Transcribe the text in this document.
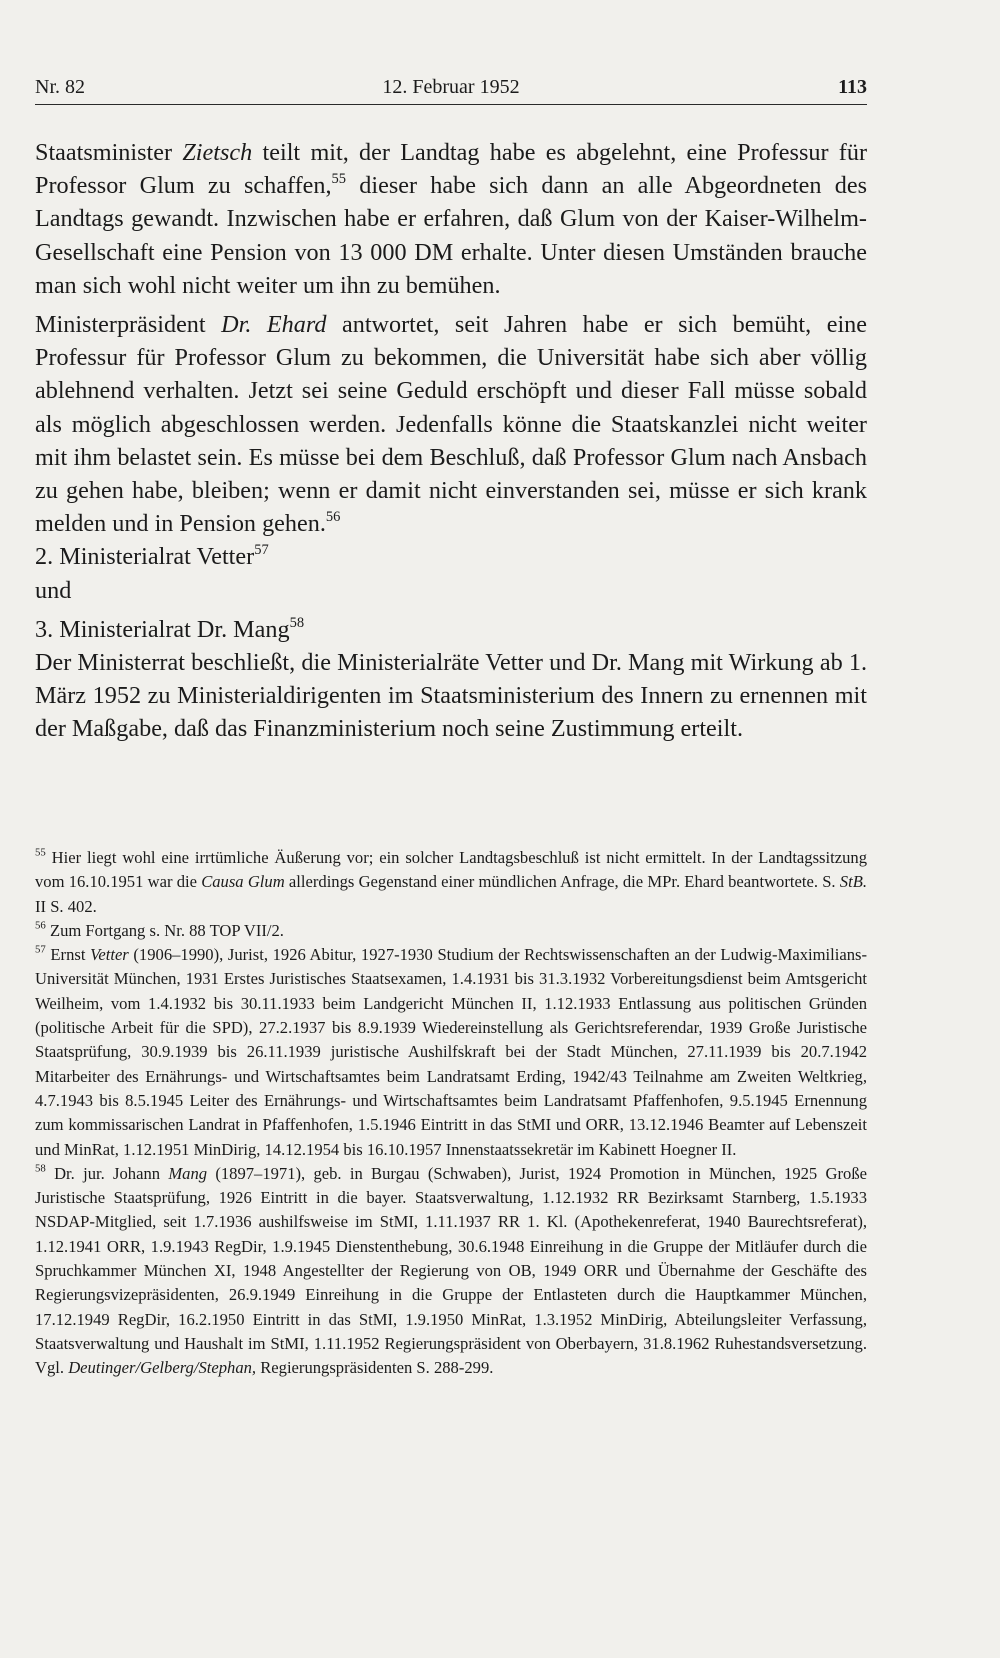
Nr. 82	12. Februar 1952	113

Staatsminister Zietsch teilt mit, der Landtag habe es abgelehnt, eine Professur für Professor Glum zu schaffen,$^{55}$ dieser habe sich dann an alle Abgeordneten des Landtags gewandt. Inzwischen habe er erfahren, daß Glum von der Kaiser-Wilhelm-Gesellschaft eine Pension von 13 000 DM erhalte. Unter diesen Umständen brauche man sich wohl nicht weiter um ihn zu bemühen.

Ministerpräsident Dr. Ehard antwortet, seit Jahren habe er sich bemüht, eine Professur für Professor Glum zu bekommen, die Universität habe sich aber völlig ablehnend verhalten. Jetzt sei seine Geduld erschöpft und dieser Fall müsse sobald als möglich abgeschlossen werden. Jedenfalls könne die Staatskanzlei nicht weiter mit ihm belastet sein. Es müsse bei dem Beschluß, daß Professor Glum nach Ansbach zu gehen habe, bleiben; wenn er damit nicht einverstanden sei, müsse er sich krank melden und in Pension gehen.$^{56}$

2. Ministerialrat Vetter$^{57}$
und
3. Ministerialrat Dr. Mang$^{58}$

Der Ministerrat beschließt, die Ministerialräte Vetter und Dr. Mang mit Wirkung ab 1. März 1952 zu Ministerialdirigenten im Staatsministerium des Innern zu ernennen mit der Maßgabe, daß das Finanzministerium noch seine Zustimmung erteilt.

$^{55}$ Hier liegt wohl eine irrtümliche Äußerung vor; ein solcher Landtagsbeschluß ist nicht ermittelt. In der Landtagssitzung vom 16.10.1951 war die Causa Glum allerdings Gegenstand einer mündlichen Anfrage, die MPr. Ehard beantwortete. S. StB. II S. 402.

$^{56}$ Zum Fortgang s. Nr. 88 TOP VII/2.

$^{57}$ Ernst Vetter (1906–1990), Jurist, 1926 Abitur, 1927-1930 Studium der Rechtswissenschaften an der Ludwig-Maximilians-Universität München, 1931 Erstes Juristisches Staatsexamen, 1.4.1931 bis 31.3.1932 Vorbereitungsdienst beim Amtsgericht Weilheim, vom 1.4.1932 bis 30.11.1933 beim Landgericht München II, 1.12.1933 Entlassung aus politischen Gründen (politische Arbeit für die SPD), 27.2.1937 bis 8.9.1939 Wiedereinstellung als Gerichtsreferendar, 1939 Große Juristische Staatsprüfung, 30.9.1939 bis 26.11.1939 juristische Aushilfskraft bei der Stadt München, 27.11.1939 bis 20.7.1942 Mitarbeiter des Ernährungs- und Wirtschaftsamtes beim Landratsamt Erding, 1942/43 Teilnahme am Zweiten Weltkrieg, 4.7.1943 bis 8.5.1945 Leiter des Ernährungs- und Wirtschaftsamtes beim Landratsamt Pfaffenhofen, 9.5.1945 Ernennung zum kommissarischen Landrat in Pfaffenhofen, 1.5.1946 Eintritt in das StMI und ORR, 13.12.1946 Beamter auf Lebenszeit und MinRat, 1.12.1951 MinDirig, 14.12.1954 bis 16.10.1957 Innenstaatssekretär im Kabinett Hoegner II.

$^{58}$ Dr. jur. Johann Mang (1897–1971), geb. in Burgau (Schwaben), Jurist, 1924 Promotion in München, 1925 Große Juristische Staatsprüfung, 1926 Eintritt in die bayer. Staatsverwaltung, 1.12.1932 RR Bezirksamt Starnberg, 1.5.1933 NSDAP-Mitglied, seit 1.7.1936 aushilfsweise im StMI, 1.11.1937 RR 1. Kl. (Apothekenreferat, 1940 Baurechtsreferat), 1.12.1941 ORR, 1.9.1943 RegDir, 1.9.1945 Dienstenthebung, 30.6.1948 Einreihung in die Gruppe der Mitläufer durch die Spruchkammer München XI, 1948 Angestellter der Regierung von OB, 1949 ORR und Übernahme der Geschäfte des Regierungsvizepräsidenten, 26.9.1949 Einreihung in die Gruppe der Entlasteten durch die Hauptkammer München, 17.12.1949 RegDir, 16.2.1950 Eintritt in das StMI, 1.9.1950 MinRat, 1.3.1952 MinDirig, Abteilungsleiter Verfassung, Staatsverwaltung und Haushalt im StMI, 1.11.1952 Regierungspräsident von Oberbayern, 31.8.1962 Ruhestandsversetzung. Vgl. Deutinger/Gelberg/Stephan, Regierungspräsidenten S. 288-299.
